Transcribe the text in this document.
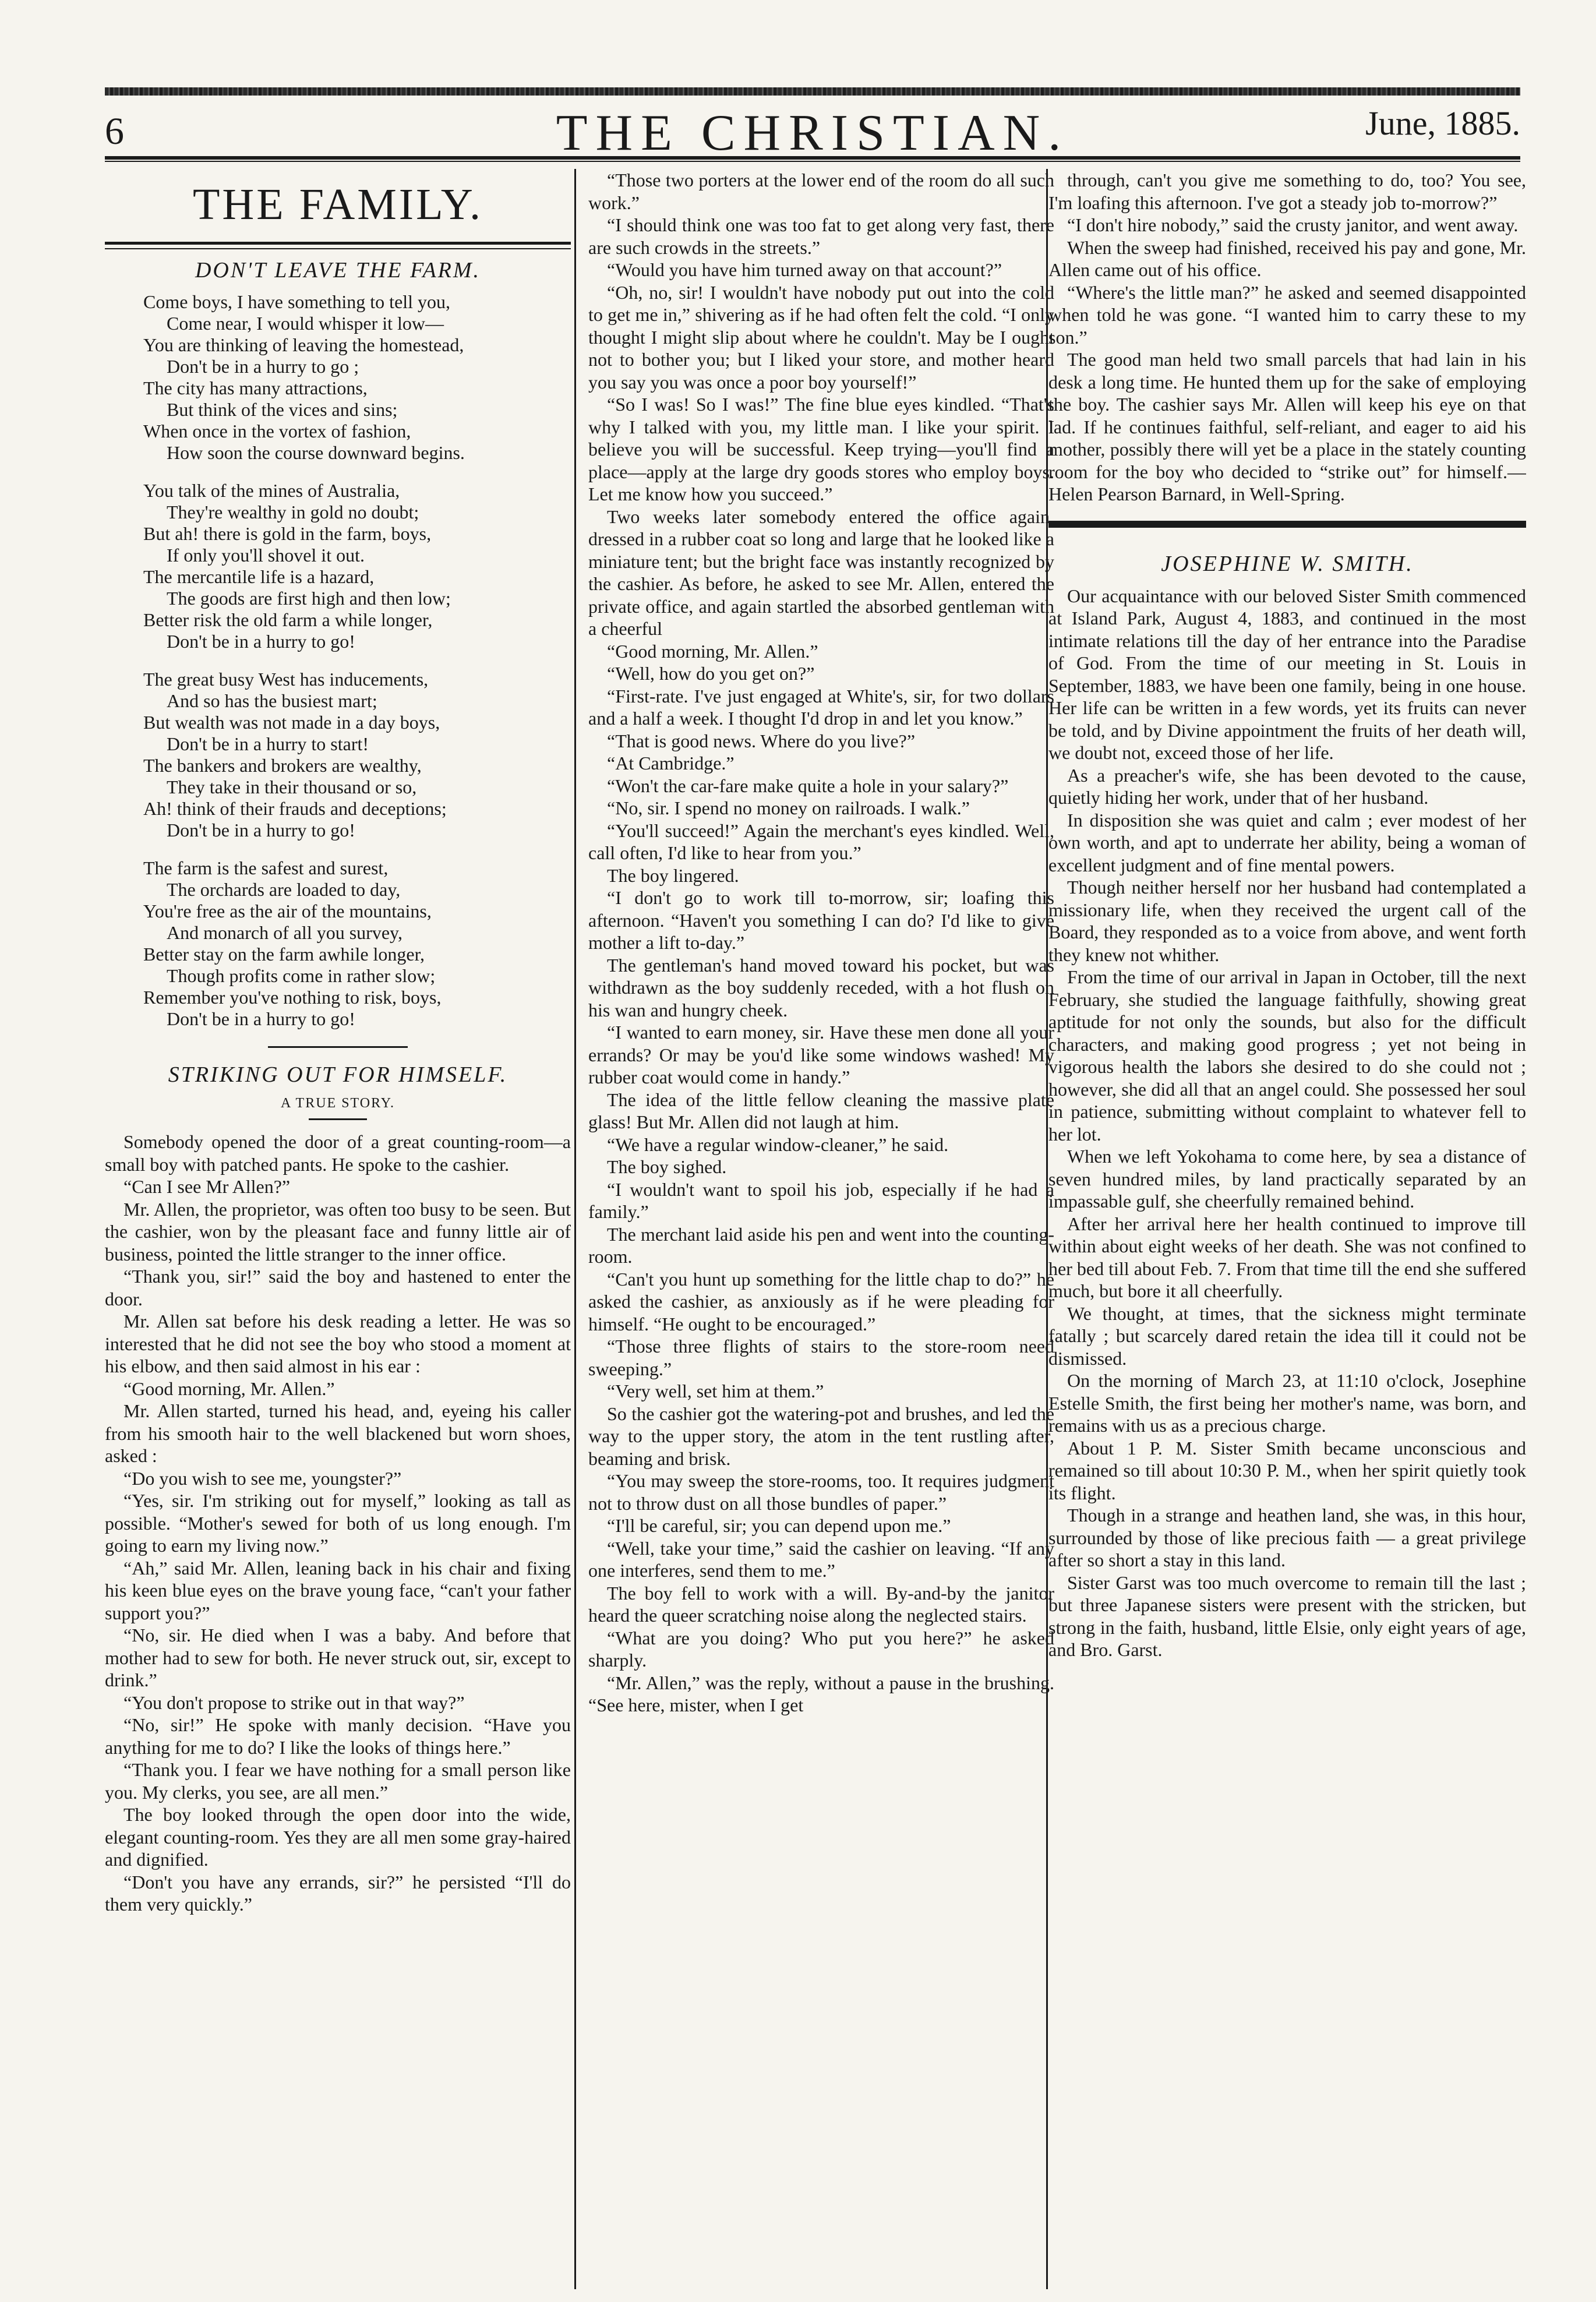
6	THE CHRISTIAN.	June, 1885.
THE FAMILY.
DON'T LEAVE THE FARM.
Come boys, I have something to tell you,
Come near, I would whisper it low—
You are thinking of leaving the homestead,
Don't be in a hurry to go ;
The city has many attractions,
But think of the vices and sins;
When once in the vortex of fashion,
How soon the course downward begins.
You talk of the mines of Australia,
They're wealthy in gold no doubt;
But ah! there is gold in the farm, boys,
If only you'll shovel it out.
The mercantile life is a hazard,
The goods are first high and then low;
Better risk the old farm a while longer,
Don't be in a hurry to go!
The great busy West has inducements,
And so has the busiest mart;
But wealth was not made in a day boys,
Don't be in a hurry to start!
The bankers and brokers are wealthy,
They take in their thousand or so,
Ah! think of their frauds and deceptions;
Don't be in a hurry to go!
The farm is the safest and surest,
The orchards are loaded to day,
You're free as the air of the mountains,
And monarch of all you survey,
Better stay on the farm awhile longer,
Though profits come in rather slow;
Remember you've nothing to risk, boys,
Don't be in a hurry to go!
STRIKING OUT FOR HIMSELF.
A TRUE STORY.

Somebody opened the door of a great counting-room—a small boy with patched pants. He spoke to the cashier.

“Can I see Mr Allen?”

Mr. Allen, the proprietor, was often too busy to be seen. But the cashier, won by the pleasant face and funny little air of business, pointed the little stranger to the inner office.

“Thank you, sir!” said the boy and hastened to enter the door.

Mr. Allen sat before his desk reading a letter. He was so interested that he did not see the boy who stood a moment at his elbow, and then said almost in his ear :

“Good morning, Mr. Allen.”

Mr. Allen started, turned his head, and, eyeing his caller from his smooth hair to the well blackened but worn shoes, asked :

“Do you wish to see me, youngster?”

“Yes, sir. I'm striking out for myself,” looking as tall as possible. “Mother's sewed for both of us long enough. I'm going to earn my living now.”

“Ah,” said Mr. Allen, leaning back in his chair and fixing his keen blue eyes on the brave young face, “can't your father support you?”

“No, sir. He died when I was a baby. And before that mother had to sew for both. He never struck out, sir, except to drink.”

“You don't propose to strike out in that way?”

“No, sir!” He spoke with manly decision. “Have you anything for me to do? I like the looks of things here.”

“Thank you. I fear we have nothing for a small person like you. My clerks, you see, are all men.”

The boy looked through the open door into the wide, elegant counting-room. Yes they are all men some gray-haired and dignified.

“Don't you have any errands, sir?” he persisted “I'll do them very quickly.”

“Those two porters at the lower end of the room do all such work.”

“I should think one was too fat to get along very fast, there are such crowds in the streets.”

“Would you have him turned away on that account?”

“Oh, no, sir! I wouldn't have nobody put out into the cold to get me in,” shivering as if he had often felt the cold. “I only thought I might slip about where he couldn't. May be I ought not to bother you; but I liked your store, and mother heard you say you was once a poor boy yourself!”

“So I was! So I was!” The fine blue eyes kindled. “That's why I talked with you, my little man. I like your spirit. I believe you will be successful. Keep trying—you'll find a place—apply at the large dry goods stores who employ boys. Let me know how you succeed.”

Two weeks later somebody entered the office again, dressed in a rubber coat so long and large that he looked like a miniature tent; but the bright face was instantly recognized by the cashier. As before, he asked to see Mr. Allen, entered the private office, and again startled the absorbed gentleman with a cheerful

“Good morning, Mr. Allen.”

“Well, how do you get on?”

“First-rate. I've just engaged at White's, sir, for two dollars and a half a week. I thought I'd drop in and let you know.”

“That is good news. Where do you live?”

“At Cambridge.”

“Won't the car-fare make quite a hole in your salary?”

“No, sir. I spend no money on railroads. I walk.”

“You'll succeed!” Again the merchant's eyes kindled. Well, call often, I'd like to hear from you.”

The boy lingered.

“I don't go to work till to-morrow, sir; loafing this afternoon. “Haven't you something I can do? I'd like to give mother a lift to-day.”

The gentleman's hand moved toward his pocket, but was withdrawn as the boy suddenly receded, with a hot flush on his wan and hungry cheek.

“I wanted to earn money, sir. Have these men done all your errands? Or may be you'd like some windows washed! My rubber coat would come in handy.”

The idea of the little fellow cleaning the massive plate glass! But Mr. Allen did not laugh at him.

“We have a regular window-cleaner,” he said.

The boy sighed.

“I wouldn't want to spoil his job, especially if he had a family.”

The merchant laid aside his pen and went into the counting-room.

“Can't you hunt up something for the little chap to do?” he asked the cashier, as anxiously as if he were pleading for himself. “He ought to be encouraged.”

“Those three flights of stairs to the store-room need sweeping.”

“Very well, set him at them.”

So the cashier got the watering-pot and brushes, and led the way to the upper story, the atom in the tent rustling after, beaming and brisk.

“You may sweep the store-rooms, too. It requires judgment not to throw dust on all those bundles of paper.”

“I'll be careful, sir; you can depend upon me.”

“Well, take your time,” said the cashier on leaving. “If any one interferes, send them to me.”

The boy fell to work with a will. By-and-by the janitor heard the queer scratching noise along the neglected stairs.

“What are you doing? Who put you here?” he asked sharply.

“Mr. Allen,” was the reply, without a pause in the brushing. “See here, mister, when I get

through, can't you give me something to do, too? You see, I'm loafing this afternoon. I've got a steady job to-morrow?”

“I don't hire nobody,” said the crusty janitor, and went away.

When the sweep had finished, received his pay and gone, Mr. Allen came out of his office.

“Where's the little man?” he asked and seemed disappointed when told he was gone. “I wanted him to carry these to my son.”

The good man held two small parcels that had lain in his desk a long time. He hunted them up for the sake of employing the boy. The cashier says Mr. Allen will keep his eye on that lad. If he continues faithful, self-reliant, and eager to aid his mother, possibly there will yet be a place in the stately counting room for the boy who decided to “strike out” for himself.—Helen Pearson Barnard, in Well-Spring.

JOSEPHINE W. SMITH.

Our acquaintance with our beloved Sister Smith commenced at Island Park, August 4, 1883, and continued in the most intimate relations till the day of her entrance into the Paradise of God. From the time of our meeting in St. Louis in September, 1883, we have been one family, being in one house. Her life can be written in a few words, yet its fruits can never be told, and by Divine appointment the fruits of her death will, we doubt not, exceed those of her life.

As a preacher's wife, she has been devoted to the cause, quietly hiding her work, under that of her husband.

In disposition she was quiet and calm ; ever modest of her own worth, and apt to underrate her ability, being a woman of excellent judgment and of fine mental powers.

Though neither herself nor her husband had contemplated a missionary life, when they received the urgent call of the Board, they responded as to a voice from above, and went forth they knew not whither.

From the time of our arrival in Japan in October, till the next February, she studied the language faithfully, showing great aptitude for not only the sounds, but also for the difficult characters, and making good progress ; yet not being in vigorous health the labors she desired to do she could not ; however, she did all that an angel could. She possessed her soul in patience, submitting without complaint to whatever fell to her lot.

When we left Yokohama to come here, by sea a distance of seven hundred miles, by land practically separated by an impassable gulf, she cheerfully remained behind.

After her arrival here her health continued to improve till within about eight weeks of her death. She was not confined to her bed till about Feb. 7. From that time till the end she suffered much, but bore it all cheerfully.

We thought, at times, that the sickness might terminate fatally ; but scarcely dared retain the idea till it could not be dismissed.

On the morning of March 23, at 11:10 o'clock, Josephine Estelle Smith, the first being her mother's name, was born, and remains with us as a precious charge.

About 1 P. M. Sister Smith became unconscious and remained so till about 10:30 P. M., when her spirit quietly took its flight.

Though in a strange and heathen land, she was, in this hour, surrounded by those of like precious faith — a great privilege after so short a stay in this land.

Sister Garst was too much overcome to remain till the last ; but three Japanese sisters were present with the stricken, but strong in the faith, husband, little Elsie, only eight years of age, and Bro. Garst.
